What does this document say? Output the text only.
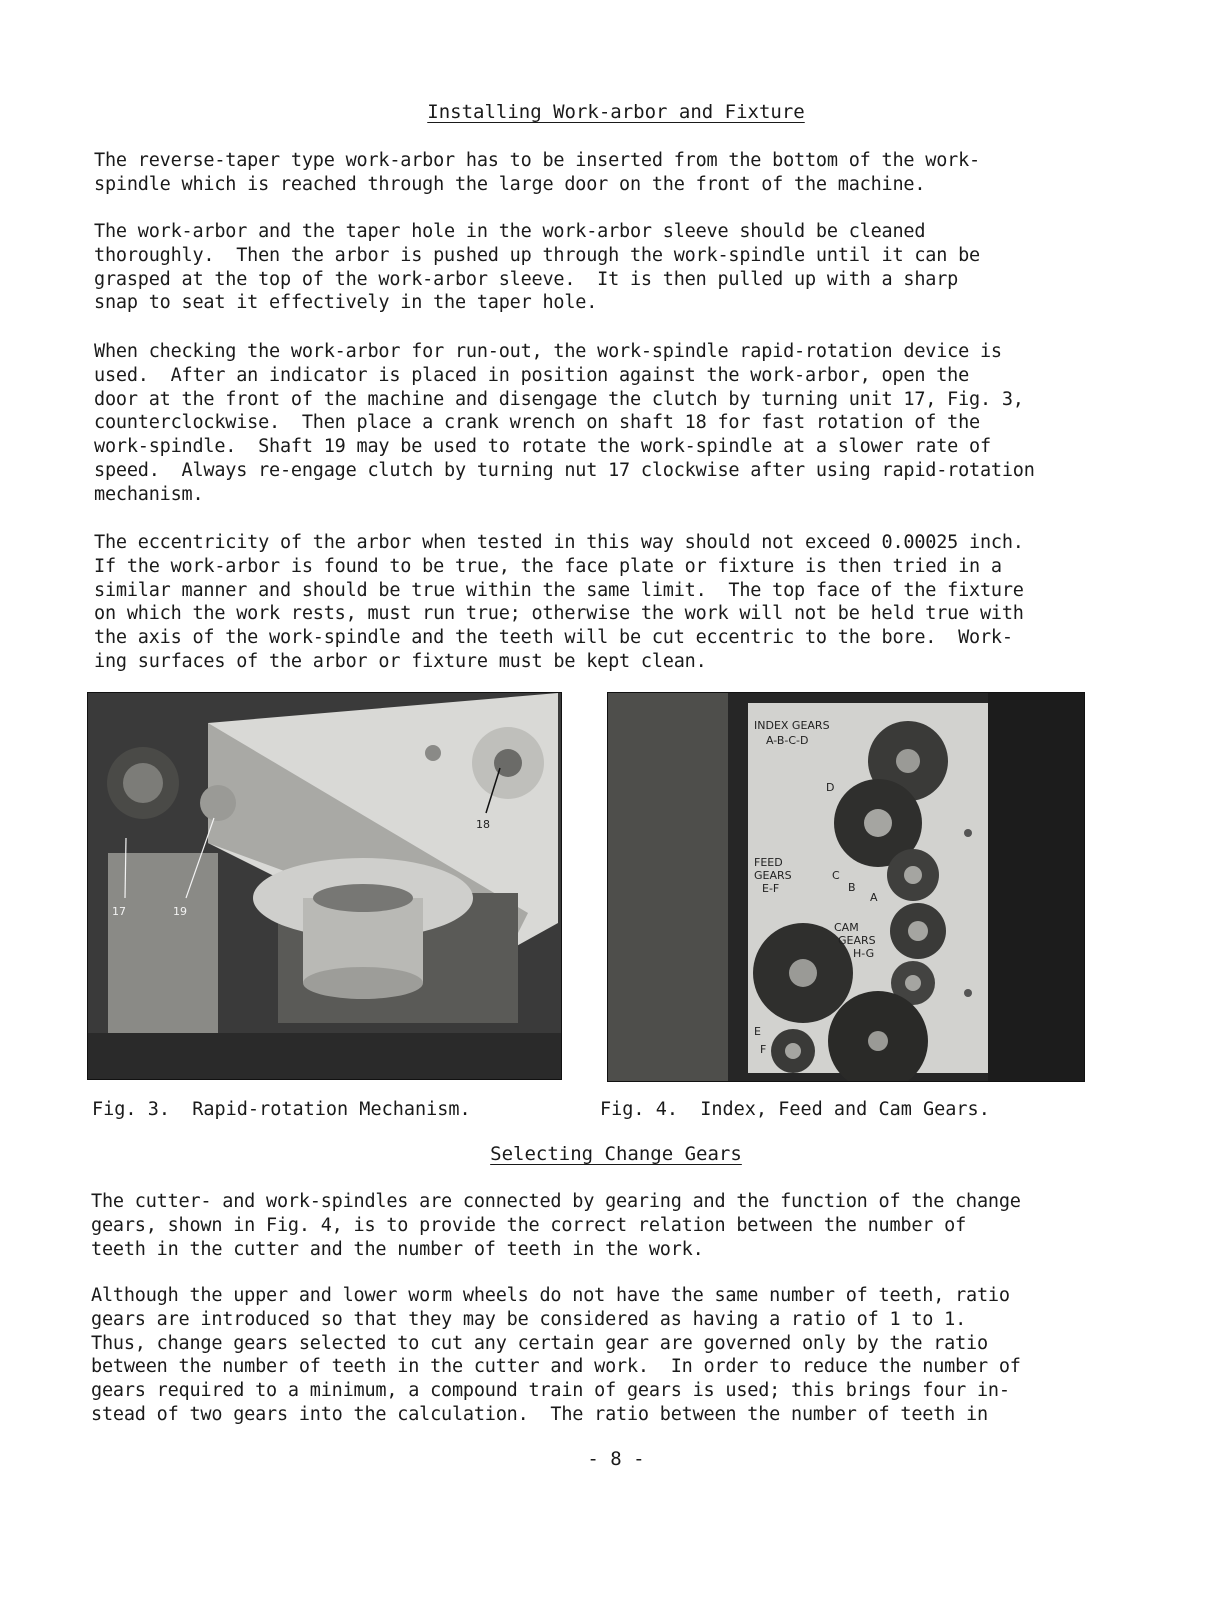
Installing Work-arbor and Fixture

The reverse-taper type work-arbor has to be inserted from the bottom of the work-
spindle which is reached through the large door on the front of the machine.

The work-arbor and the taper hole in the work-arbor sleeve should be cleaned
thoroughly.  Then the arbor is pushed up through the work-spindle until it can be
grasped at the top of the work-arbor sleeve.  It is then pulled up with a sharp
snap to seat it effectively in the taper hole.

When checking the work-arbor for run-out, the work-spindle rapid-rotation device is
used.  After an indicator is placed in position against the work-arbor, open the
door at the front of the machine and disengage the clutch by turning unit 17, Fig. 3,
counterclockwise.  Then place a crank wrench on shaft 18 for fast rotation of the
work-spindle.  Shaft 19 may be used to rotate the work-spindle at a slower rate of
speed.  Always re-engage clutch by turning nut 17 clockwise after using rapid-rotation
mechanism.

The eccentricity of the arbor when tested in this way should not exceed 0.00025 inch.
If the work-arbor is found to be true, the face plate or fixture is then tried in a
similar manner and should be true within the same limit.  The top face of the fixture
on which the work rests, must run true; otherwise the work will not be held true with
the axis of the work-spindle and the teeth will be cut eccentric to the bore.  Work-
ing surfaces of the arbor or fixture must be kept clean.

18
17	19
INDEX GEARS
A-B-C-D
FEED
GEARS
E-F
CAM
GEARS
H-G
D
C
B
A
E
F

Fig. 3.  Rapid-rotation Mechanism.	Fig. 4.  Index, Feed and Cam Gears.

Selecting Change Gears

The cutter- and work-spindles are connected by gearing and the function of the change
gears, shown in Fig. 4, is to provide the correct relation between the number of
teeth in the cutter and the number of teeth in the work.

Although the upper and lower worm wheels do not have the same number of teeth, ratio
gears are introduced so that they may be considered as having a ratio of 1 to 1.
Thus, change gears selected to cut any certain gear are governed only by the ratio
between the number of teeth in the cutter and work.  In order to reduce the number of
gears required to a minimum, a compound train of gears is used; this brings four in-
stead of two gears into the calculation.  The ratio between the number of teeth in

- 8 -
